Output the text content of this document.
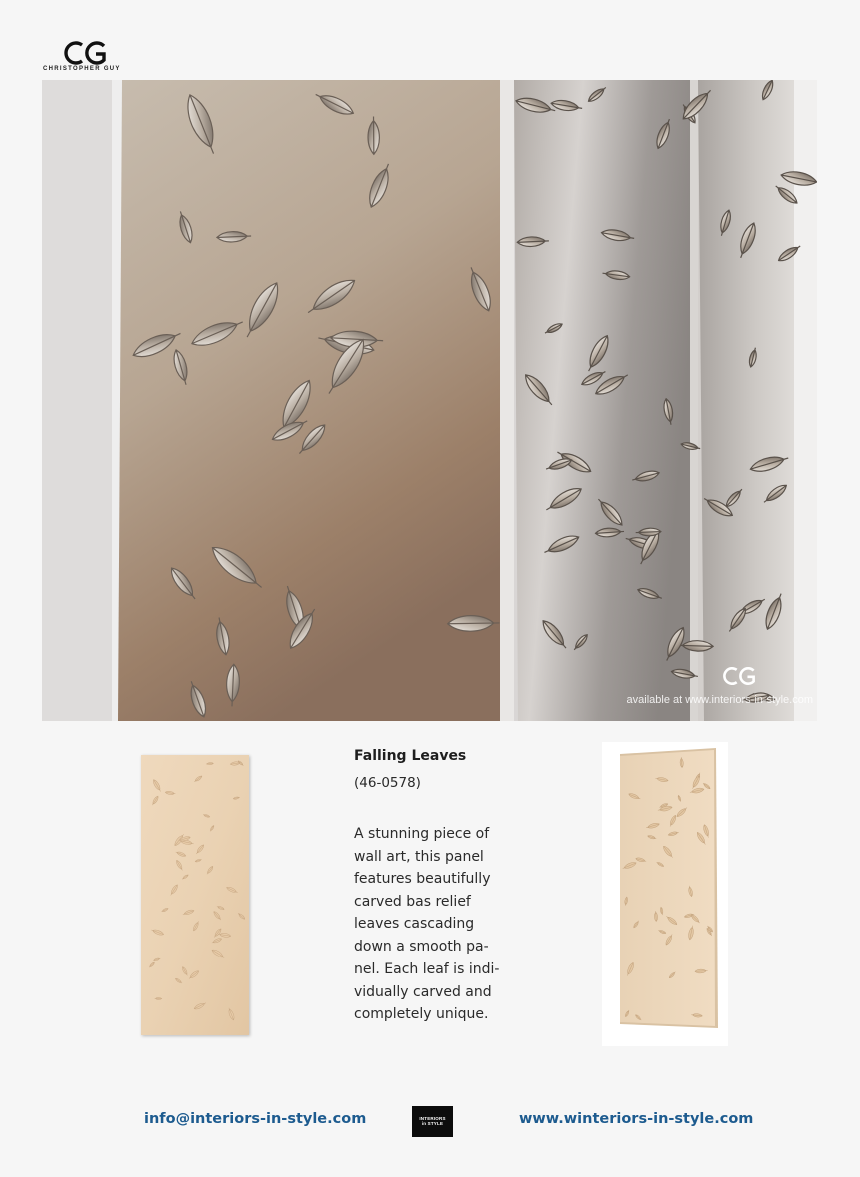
CHRISTOPHER GUY
available at www.interiors-in-style.com
Falling Leaves
(46-0578)
A stunning piece of
wall art, this panel
features beautifully
carved bas relief
leaves cascading
down a smooth pa-
nel. Each leaf is indi-
vidually carved and
completely unique.
info@interiors-in-style.com	INTERIORS
in STYLE	www.winteriors-in-style.com
